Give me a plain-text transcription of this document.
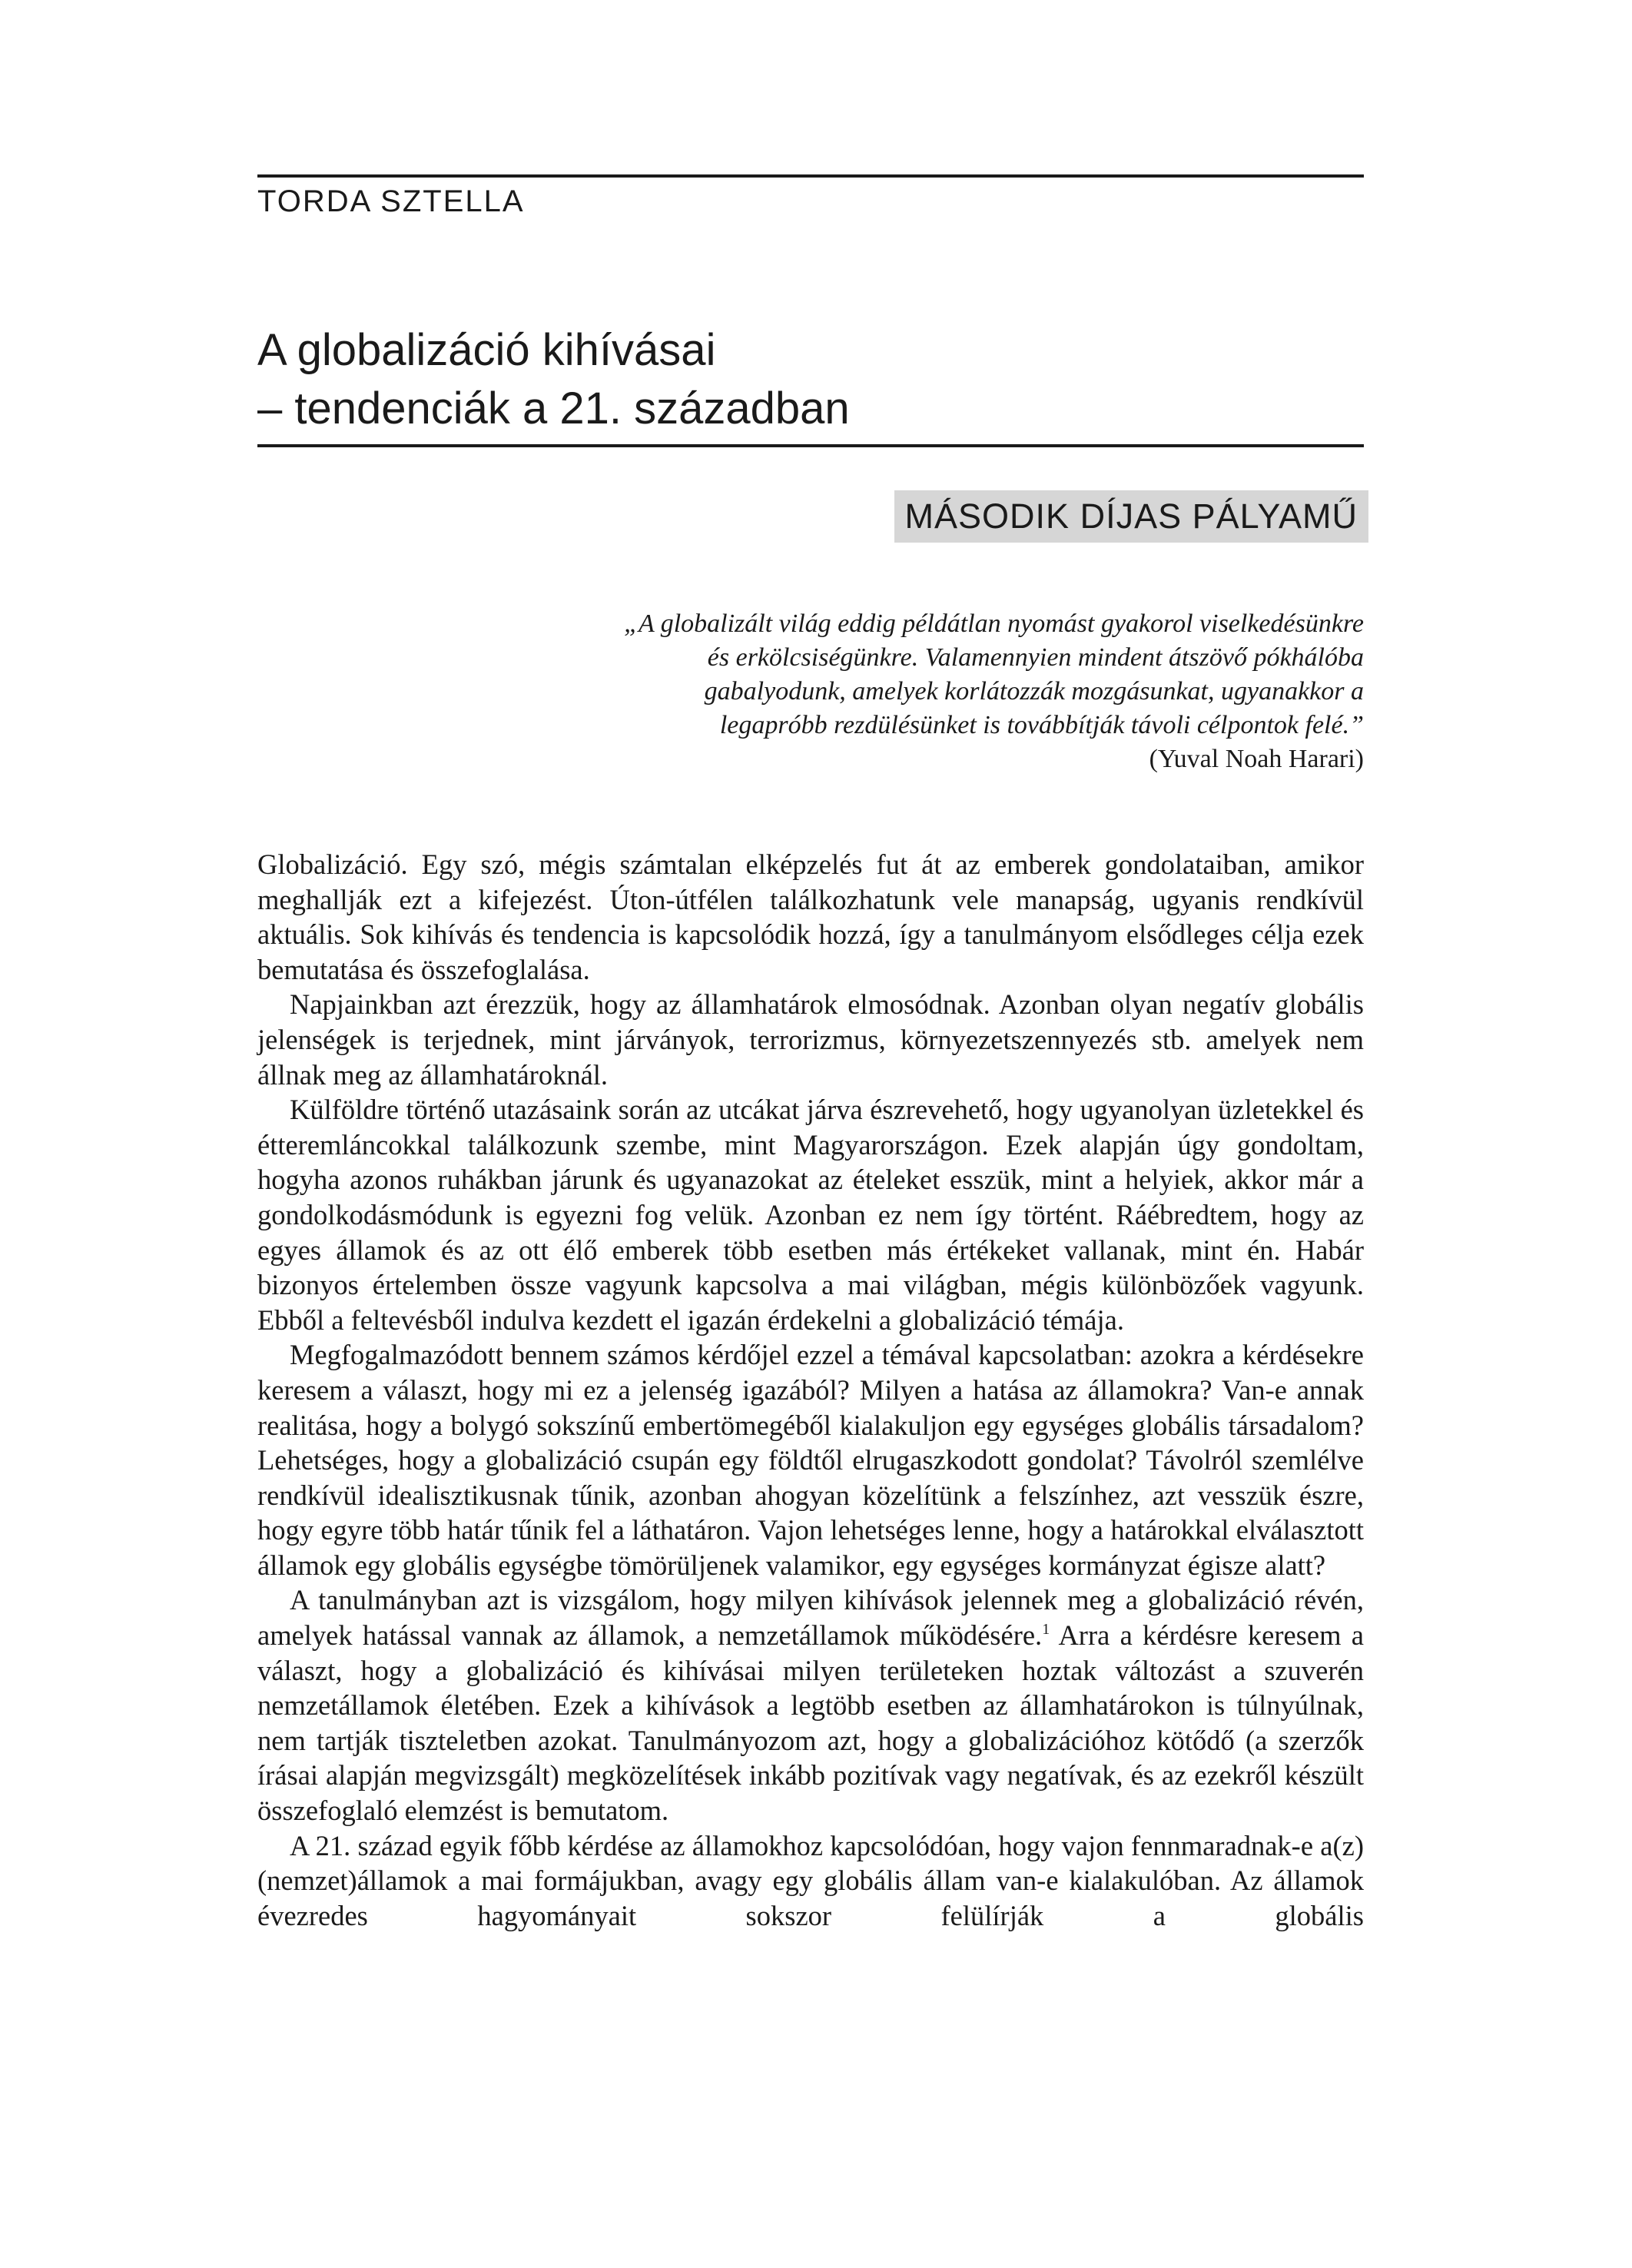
TORDA SZTELLA
A globalizáció kihívásai
– tendenciák a 21. században
MÁSODIK DÍJAS PÁLYAMŰ
„A globalizált világ eddig példátlan nyomást gyakorol viselkedésünkre
és erkölcsiségünkre. Valamennyien mindent átszövő pókhálóba
gabalyodunk, amelyek korlátozzák mozgásunkat, ugyanakkor a
legapróbb rezdülésünket is továbbítják távoli célpontok felé.”
(Yuval Noah Harari)

Globalizáció. Egy szó, mégis számtalan elképzelés fut át az emberek gondolataiban, amikor meghallják ezt a kifejezést. Úton-útfélen találkozhatunk vele manapság, ugyanis rendkívül aktuális. Sok kihívás és tendencia is kapcsolódik hozzá, így a tanulmányom elsődleges célja ezek bemutatása és összefoglalása.

Napjainkban azt érezzük, hogy az államhatárok elmosódnak. Azonban olyan negatív globális jelenségek is terjednek, mint járványok, terrorizmus, környezetszennyezés stb. amelyek nem állnak meg az államhatároknál.

Külföldre történő utazásaink során az utcákat járva észrevehető, hogy ugyanolyan üzletekkel és étteremláncokkal találkozunk szembe, mint Magyarországon. Ezek alapján úgy gondoltam, hogyha azonos ruhákban járunk és ugyanazokat az ételeket esszük, mint a helyiek, akkor már a gondolkodásmódunk is egyezni fog velük. Azonban ez nem így történt. Ráébredtem, hogy az egyes államok és az ott élő emberek több esetben más értékeket vallanak, mint én. Habár bizonyos értelemben össze vagyunk kapcsolva a mai világban, mégis különbözőek vagyunk. Ebből a feltevésből indulva kezdett el igazán érdekelni a globalizáció témája.

Megfogalmazódott bennem számos kérdőjel ezzel a témával kapcsolatban: azokra a kérdésekre keresem a választ, hogy mi ez a jelenség igazából? Milyen a hatása az államokra? Van-e annak realitása, hogy a bolygó sokszínű embertömegéből kialakuljon egy egységes globális társadalom? Lehetséges, hogy a globalizáció csupán egy földtől elrugaszkodott gondolat? Távolról szemlélve rendkívül idealisztikusnak tűnik, azonban ahogyan közelítünk a felszínhez, azt vesszük észre, hogy egyre több határ tűnik fel a láthatáron. Vajon lehetséges lenne, hogy a határokkal elválasztott államok egy globális egységbe tömörüljenek valamikor, egy egységes kormányzat égisze alatt?

A tanulmányban azt is vizsgálom, hogy milyen kihívások jelennek meg a globalizáció révén, amelyek hatással vannak az államok, a nemzetállamok működésére.$^1$ Arra a kérdésre keresem a választ, hogy a globalizáció és kihívásai milyen területeken hoztak változást a szuverén nemzetállamok életében. Ezek a kihívások a legtöbb esetben az államhatárokon is túlnyúlnak, nem tartják tiszteletben azokat. Tanulmányozom azt, hogy a globalizációhoz kötődő (a szerzők írásai alapján megvizsgált) megközelítések inkább pozitívak vagy negatívak, és az ezekről készült összefoglaló elemzést is bemutatom.

A 21. század egyik főbb kérdése az államokhoz kapcsolódóan, hogy vajon fennmaradnak-e a(z) (nemzet)államok a mai formájukban, avagy egy globális állam van-e kialakulóban. Az államok évezredes hagyományait sokszor felülírják a globális
